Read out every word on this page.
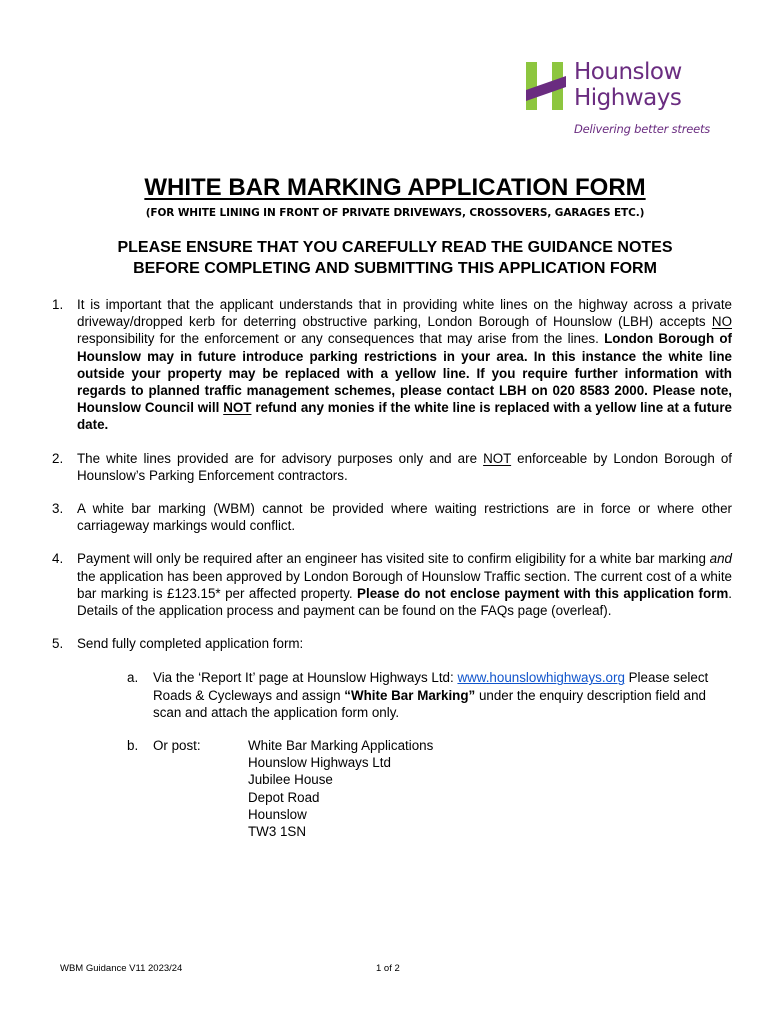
Hounslow
Highways
Delivering better streets
WHITE BAR MARKING APPLICATION FORM
(FOR WHITE LINING IN FRONT OF PRIVATE DRIVEWAYS, CROSSOVERS, GARAGES ETC.)
PLEASE ENSURE THAT YOU CAREFULLY READ THE GUIDANCE NOTES
BEFORE COMPLETING AND SUBMITTING THIS APPLICATION FORM
1. It is important that the applicant understands that in providing white lines on the highway across a private driveway/dropped kerb for deterring obstructive parking, London Borough of Hounslow (LBH) accepts NO responsibility for the enforcement or any consequences that may arise from the lines. London Borough of Hounslow may in future introduce parking restrictions in your area. In this instance the white line outside your property may be replaced with a yellow line. If you require further information with regards to planned traffic management schemes, please contact LBH on 020 8583 2000. Please note, Hounslow Council will NOT refund any monies if the white line is replaced with a yellow line at a future date.
2. The white lines provided are for advisory purposes only and are NOT enforceable by London Borough of Hounslow’s Parking Enforcement contractors.
3. A white bar marking (WBM) cannot be provided where waiting restrictions are in force or where other carriageway markings would conflict.
4. Payment will only be required after an engineer has visited site to confirm eligibility for a white bar marking and the application has been approved by London Borough of Hounslow Traffic section. The current cost of a white bar marking is £123.15* per affected property. Please do not enclose payment with this application form. Details of the application process and payment can be found on the FAQs page (overleaf).
5. Send fully completed application form:
a. Via the ‘Report It’ page at Hounslow Highways Ltd: www.hounslowhighways.org Please select Roads & Cycleways and assign “White Bar Marking” under the enquiry description field and scan and attach the application form only.
b. Or post:	White Bar Marking Applications
Hounslow Highways Ltd
Jubilee House
Depot Road
Hounslow
TW3 1SN
WBM Guidance V11 2023/24	1 of 2
